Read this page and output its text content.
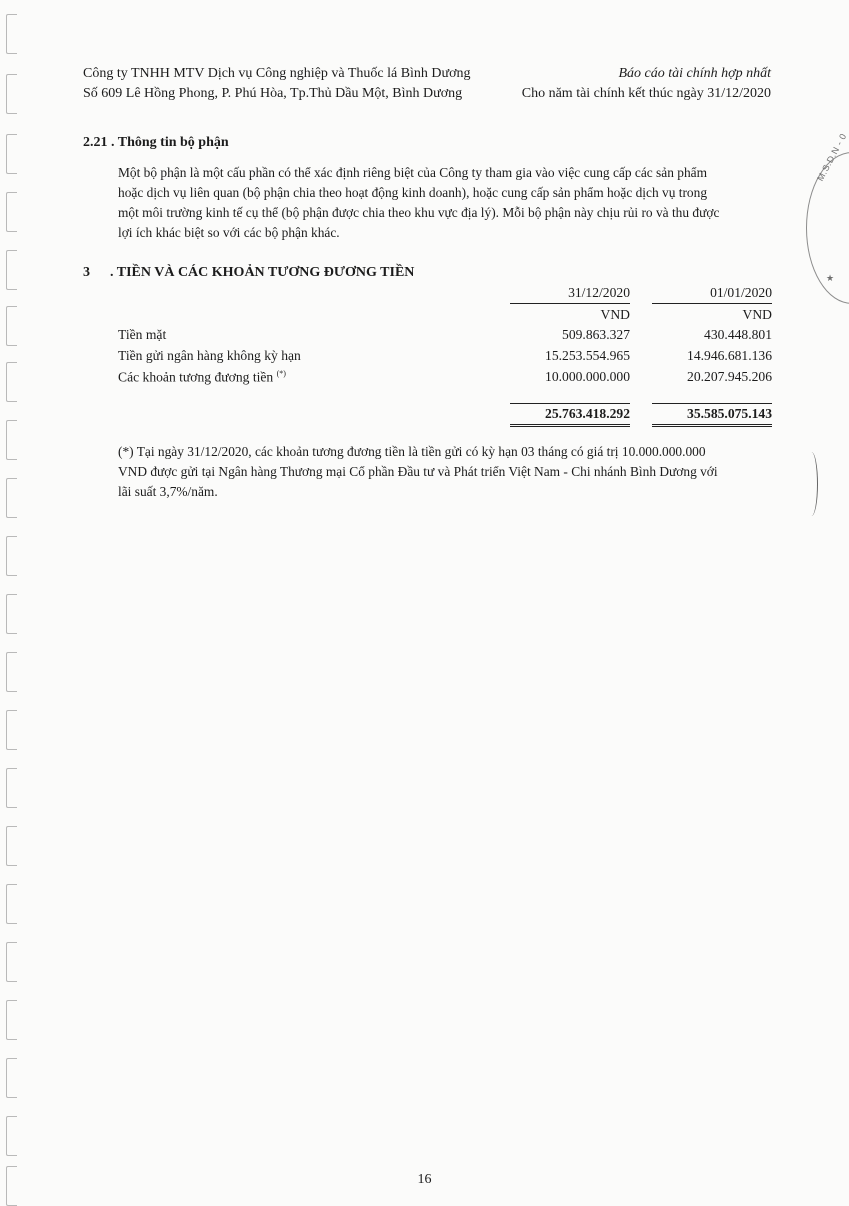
M.S.D.N - 0
★
Công ty TNHH MTV Dịch vụ Công nghiệp và Thuốc lá Bình Dương
Số 609 Lê Hồng Phong, P. Phú Hòa, Tp.Thủ Dầu Một, Bình Dương
Báo cáo tài chính hợp nhất
Cho năm tài chính kết thúc ngày 31/12/2020
2.21 . Thông tin bộ phận
Một bộ phận là một cấu phần có thể xác định riêng biệt của Công ty tham gia vào việc cung cấp các sản phẩm
hoặc dịch vụ liên quan (bộ phận chia theo hoạt động kinh doanh), hoặc cung cấp sản phẩm hoặc dịch vụ trong
một môi trường kinh tế cụ thể (bộ phận được chia theo khu vực địa lý). Mỗi bộ phận này chịu rủi ro và thu được
lợi ích khác biệt so với các bộ phận khác.
3 . TIỀN VÀ CÁC KHOẢN TƯƠNG ĐƯƠNG TIỀN
31/12/2020	01/01/2020
VND	VND
Tiền mặt	509.863.327	430.448.801
Tiền gửi ngân hàng không kỳ hạn	15.253.554.965	14.946.681.136
Các khoản tương đương tiền (*)	10.000.000.000	20.207.945.206
25.763.418.292	35.585.075.143
(*) Tại ngày 31/12/2020, các khoản tương đương tiền là tiền gửi có kỳ hạn 03 tháng có giá trị 10.000.000.000
VND được gửi tại Ngân hàng Thương mại Cổ phần Đầu tư và Phát triển Việt Nam - Chi nhánh Bình Dương với
lãi suất 3,7%/năm.
16
